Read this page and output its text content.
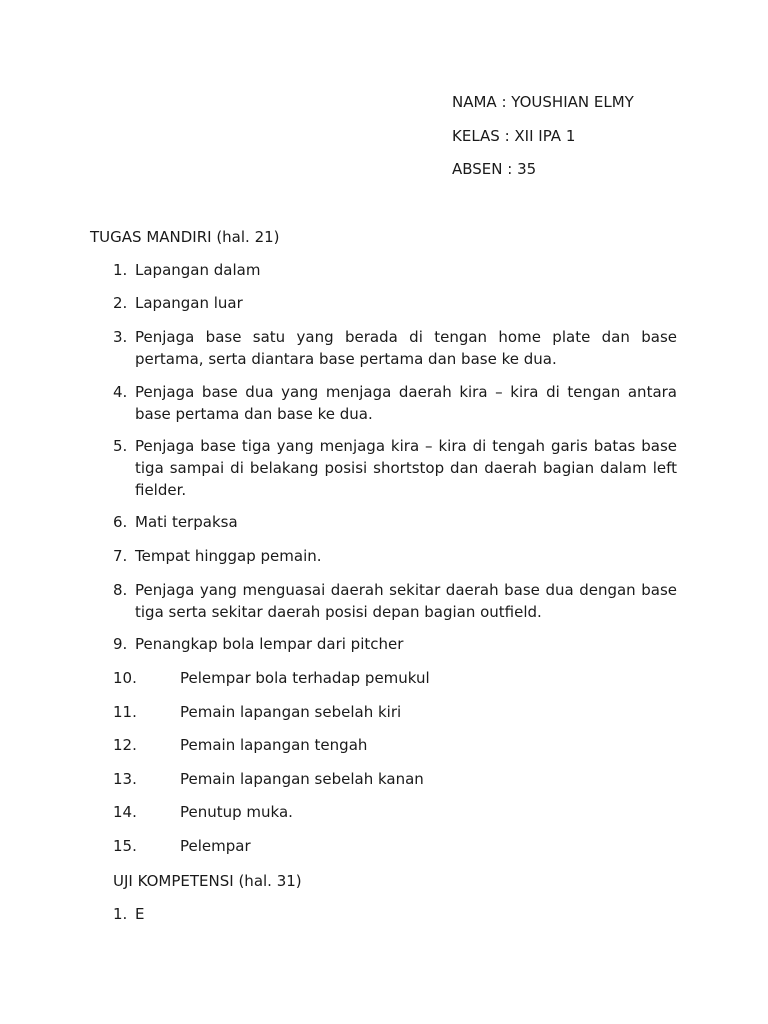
NAMA : YOUSHIAN ELMY
KELAS : XII IPA 1
ABSEN : 35
TUGAS MANDIRI (hal. 21)
1. Lapangan dalam
2. Lapangan luar
3. Penjaga base satu yang berada di tengan home plate dan base pertama, serta diantara base pertama dan base ke dua.
4. Penjaga base dua yang menjaga daerah kira – kira di tengan antara base pertama dan base ke dua.
5. Penjaga base tiga yang menjaga kira – kira di tengah garis batas base tiga sampai di belakang posisi shortstop dan daerah bagian dalam left fielder.
6. Mati terpaksa
7. Tempat hinggap pemain.
8. Penjaga yang menguasai daerah sekitar daerah base dua dengan base tiga serta sekitar daerah posisi depan bagian outfield.
9. Penangkap bola lempar dari pitcher
10.	Pelempar bola terhadap pemukul
11.	Pemain lapangan sebelah kiri
12.	Pemain lapangan tengah
13.	Pemain lapangan sebelah kanan
14.	Penutup muka.
15.	Pelempar
UJI KOMPETENSI (hal. 31)
1. E
